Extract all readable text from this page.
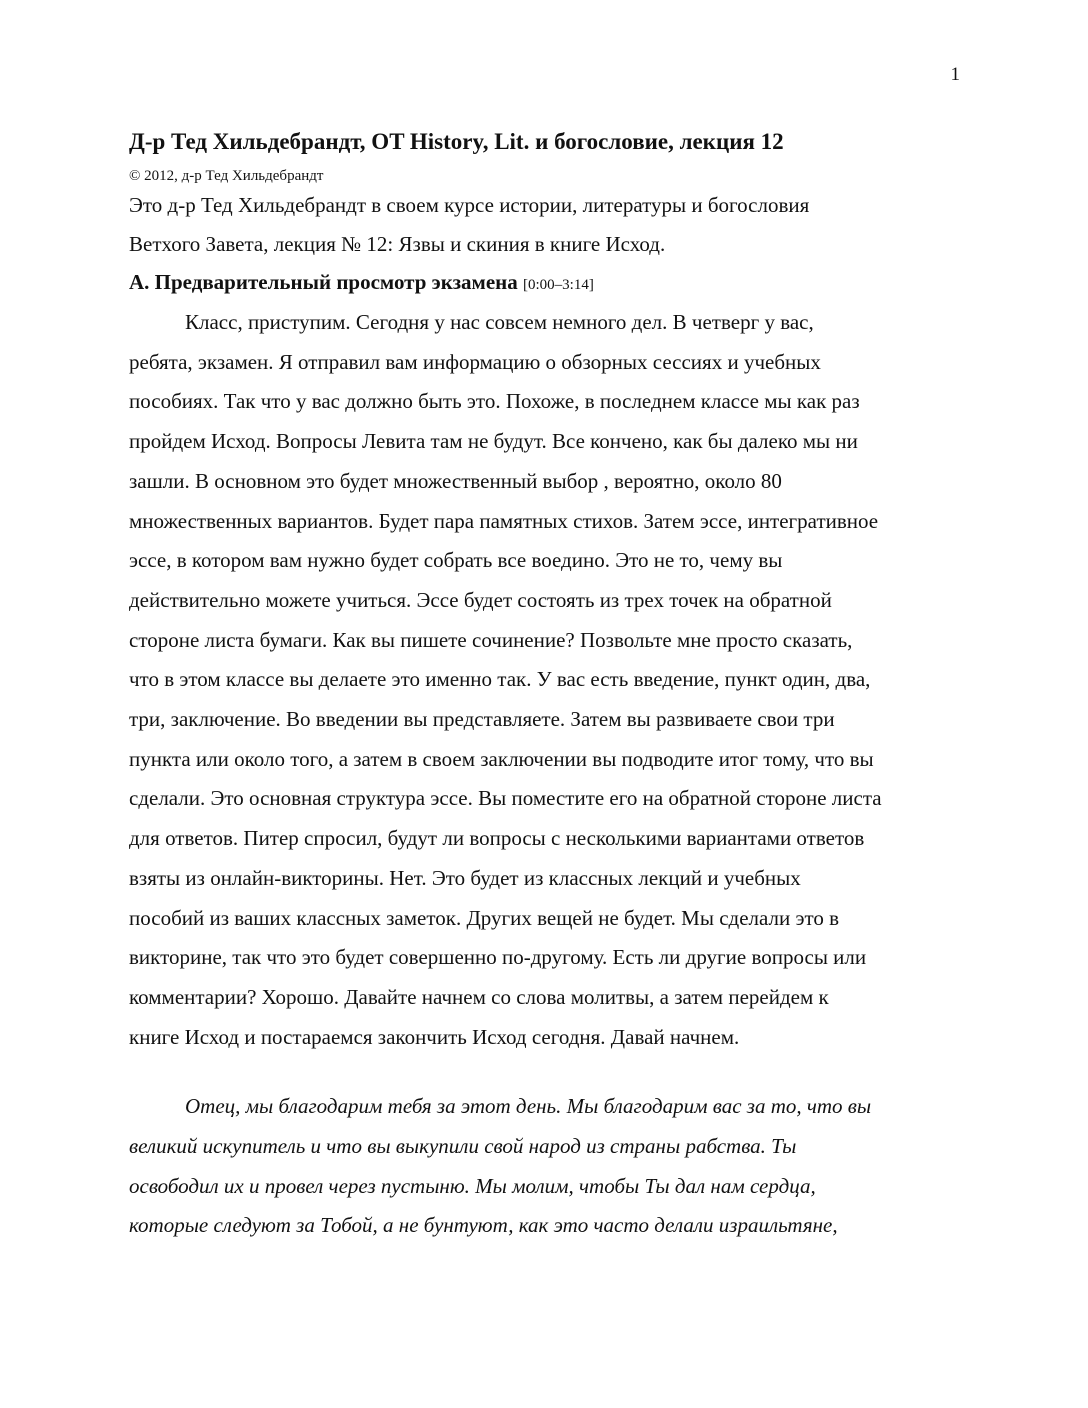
1
Д-р Тед Хильдебрандт, OT History, Lit. и богословие, лекция 12

© 2012, д-р Тед Хильдебрандт

Это д-р Тед Хильдебрандт в своем курсе истории, литературы и богословия
Ветхого Завета, лекция № 12: Язвы и скиния в книге Исход.

A. Предварительный просмотр экзамена [0:00–3:14]

Класс, приступим. Сегодня у нас совсем немного дел. В четверг у вас,
ребята, экзамен. Я отправил вам информацию о обзорных сессиях и учебных
пособиях. Так что у вас должно быть это. Похоже, в последнем классе мы как раз
пройдем Исход. Вопросы Левита там не будут. Все кончено, как бы далеко мы ни
зашли. В основном это будет множественный выбор , вероятно, около 80
множественных вариантов. Будет пара памятных стихов. Затем эссе, интегративное
эссе, в котором вам нужно будет собрать все воедино. Это не то, чему вы
действительно можете учиться. Эссе будет состоять из трех точек на обратной
стороне листа бумаги. Как вы пишете сочинение? Позвольте мне просто сказать,
что в этом классе вы делаете это именно так. У вас есть введение, пункт один, два,
три, заключение. Во введении вы представляете. Затем вы развиваете свои три
пункта или около того, а затем в своем заключении вы подводите итог тому, что вы
сделали. Это основная структура эссе. Вы поместите его на обратной стороне листа
для ответов. Питер спросил, будут ли вопросы с несколькими вариантами ответов
взяты из онлайн-викторины. Нет. Это будет из классных лекций и учебных
пособий из ваших классных заметок. Других вещей не будет. Мы сделали это в
викторине, так что это будет совершенно по-другому. Есть ли другие вопросы или
комментарии? Хорошо. Давайте начнем со слова молитвы, а затем перейдем к
книге Исход и постараемся закончить Исход сегодня. Давай начнем.
Отец, мы благодарим тебя за этот день. Мы благодарим вас за то, что вы
великий искупитель и что вы выкупили свой народ из страны рабства. Ты
освободил их и провел через пустыню. Мы молим, чтобы Ты дал нам сердца,
которые следуют за Тобой, а не бунтуют, как это часто делали израильтяне,
